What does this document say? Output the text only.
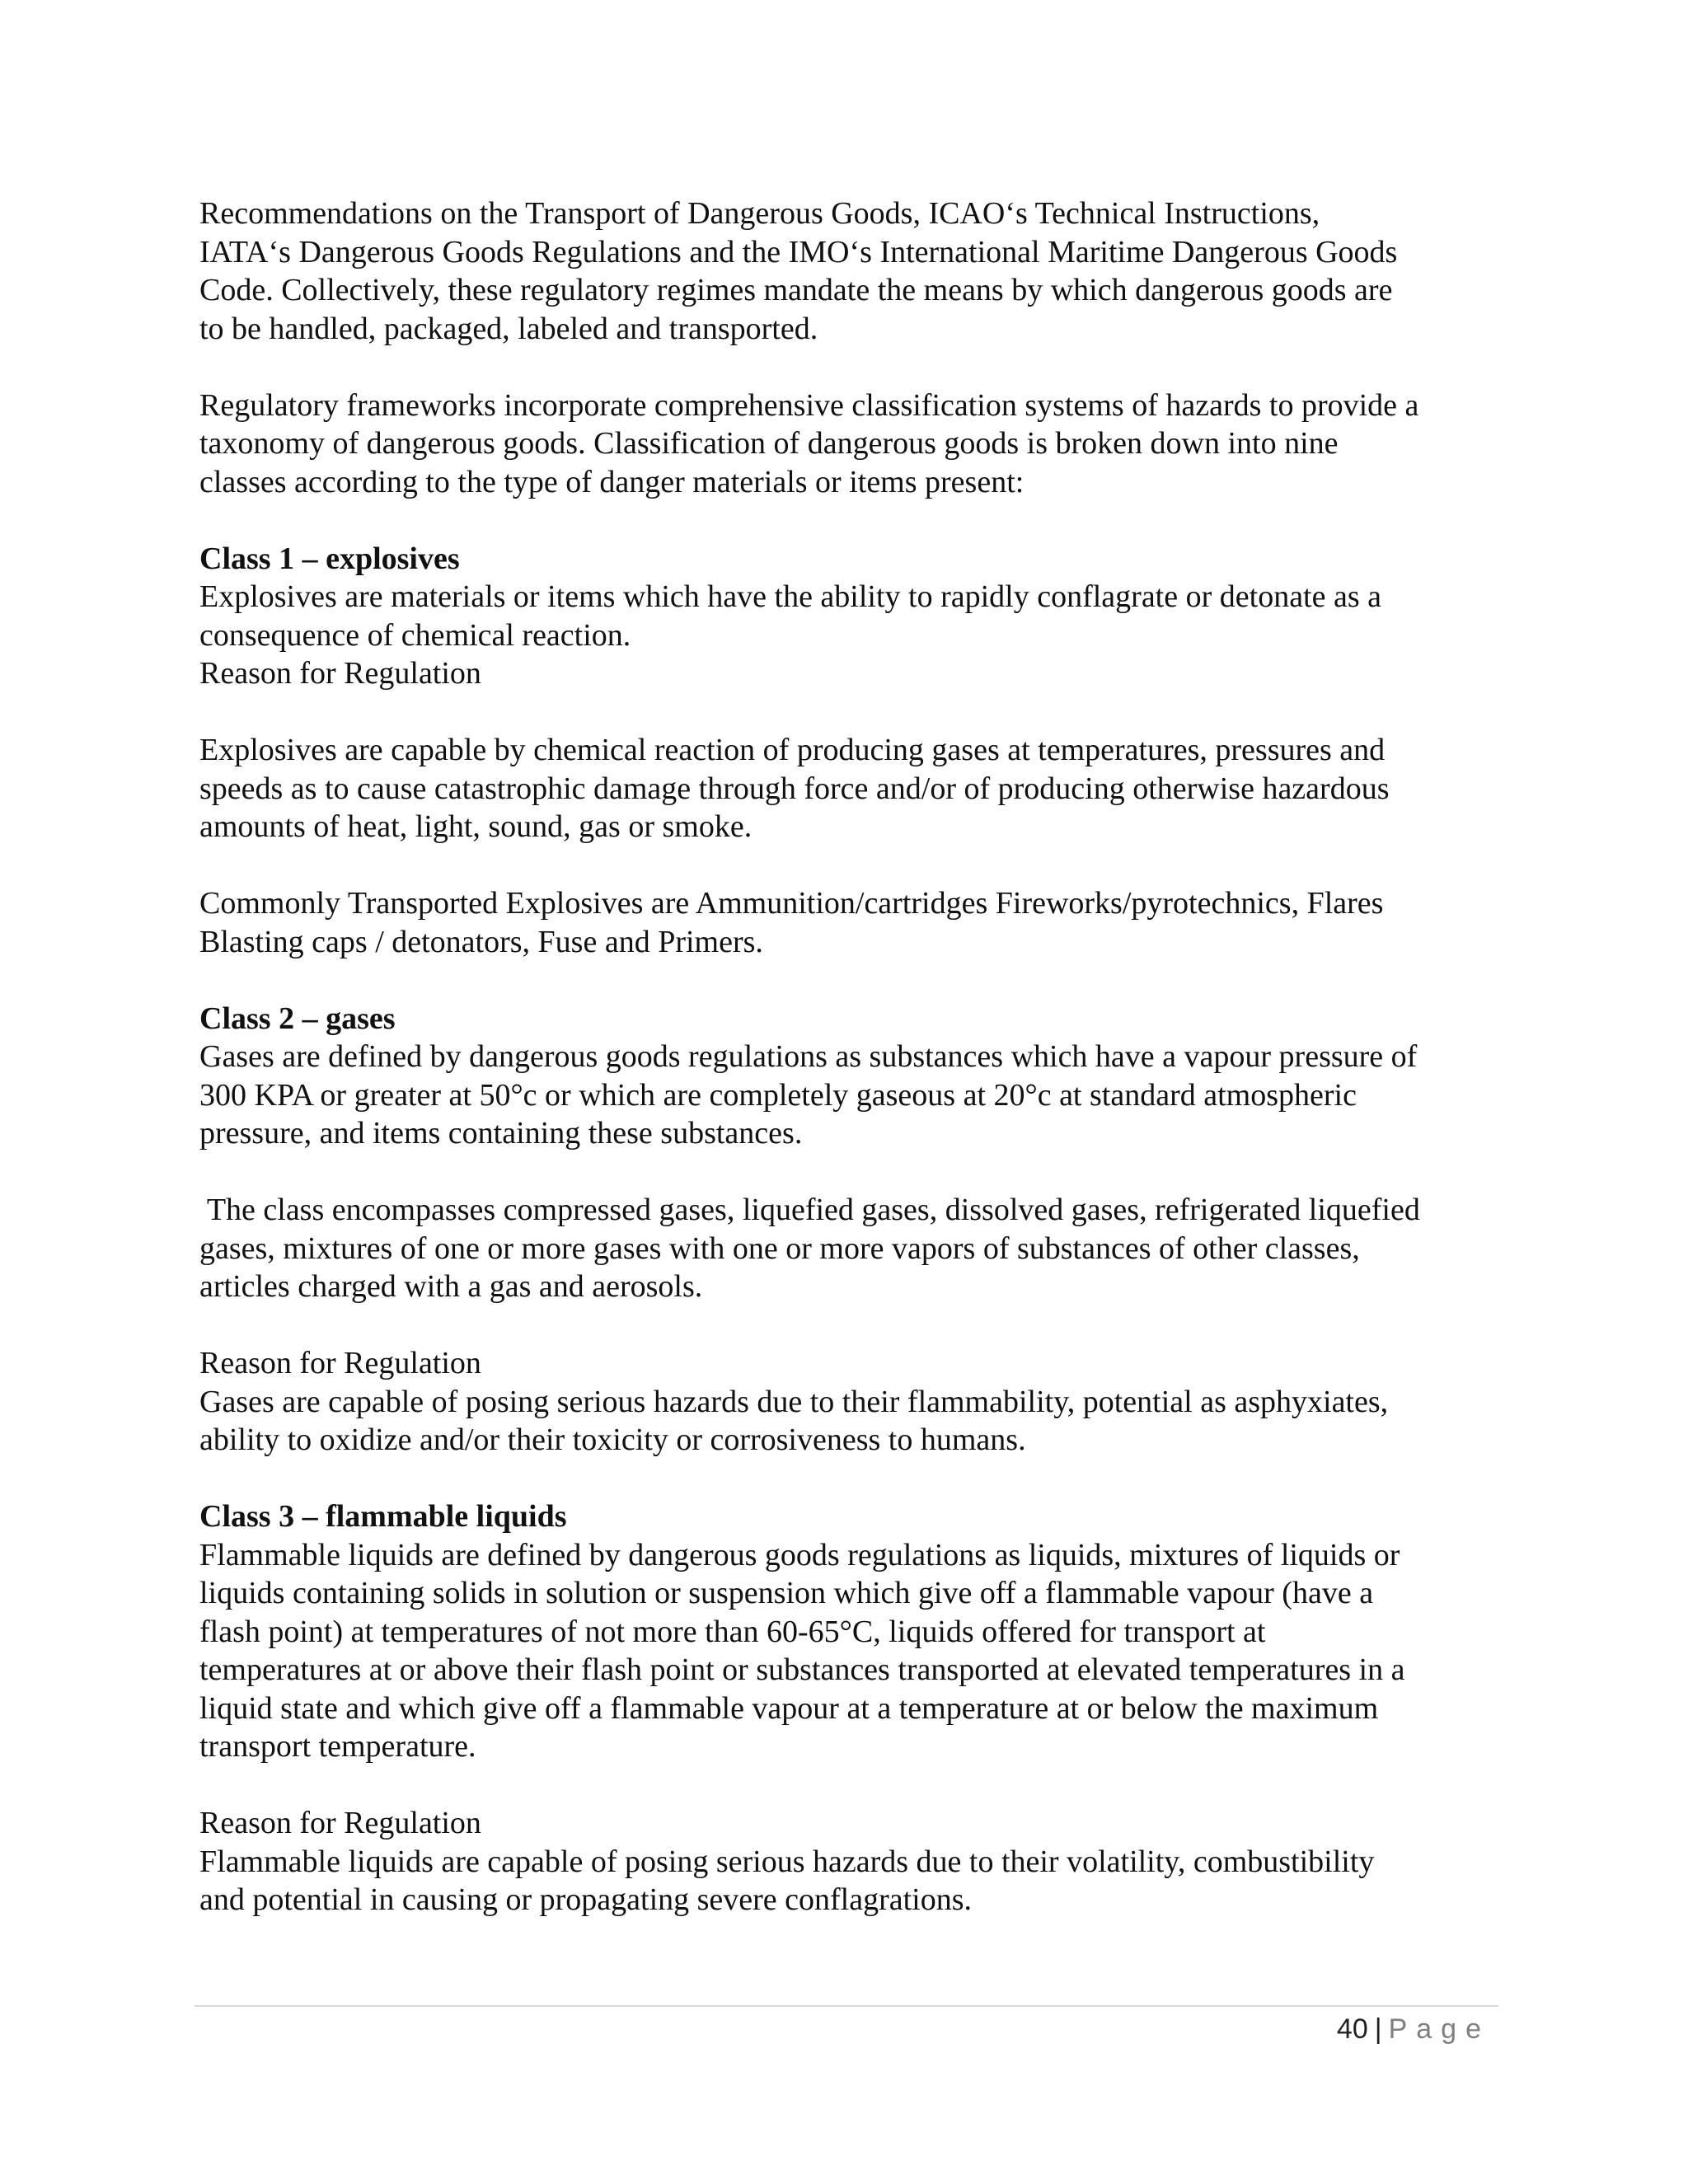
Recommendations on the Transport of Dangerous Goods, ICAO‘s Technical Instructions,

IATA‘s Dangerous Goods Regulations and the IMO‘s International Maritime Dangerous Goods

Code. Collectively, these regulatory regimes mandate the means by which dangerous goods are

to be handled, packaged, labeled and transported.

Regulatory frameworks incorporate comprehensive classification systems of hazards to provide a

taxonomy of dangerous goods. Classification of dangerous goods is broken down into nine

classes according to the type of danger materials or items present:

Class 1 – explosives

Explosives are materials or items which have the ability to rapidly conflagrate or detonate as a

consequence of chemical reaction.

Reason for Regulation

Explosives are capable by chemical reaction of producing gases at temperatures, pressures and

speeds as to cause catastrophic damage through force and/or of producing otherwise hazardous

amounts of heat, light, sound, gas or smoke.

Commonly Transported Explosives are Ammunition/cartridges Fireworks/pyrotechnics, Flares

Blasting caps / detonators, Fuse and Primers.

Class 2 – gases

Gases are defined by dangerous goods regulations as substances which have a vapour pressure of

300 KPA or greater at 50°c or which are completely gaseous at 20°c at standard atmospheric

pressure, and items containing these substances.

The class encompasses compressed gases, liquefied gases, dissolved gases, refrigerated liquefied

gases, mixtures of one or more gases with one or more vapors of substances of other classes,

articles charged with a gas and aerosols.

Reason for Regulation

Gases are capable of posing serious hazards due to their flammability, potential as asphyxiates,

ability to oxidize and/or their toxicity or corrosiveness to humans.

Class 3 – flammable liquids

Flammable liquids are defined by dangerous goods regulations as liquids, mixtures of liquids or

liquids containing solids in solution or suspension which give off a flammable vapour (have a

flash point) at temperatures of not more than 60-65°C, liquids offered for transport at

temperatures at or above their flash point or substances transported at elevated temperatures in a

liquid state and which give off a flammable vapour at a temperature at or below the maximum

transport temperature.

Reason for Regulation

Flammable liquids are capable of posing serious hazards due to their volatility, combustibility

and potential in causing or propagating severe conflagrations.

40 | Page
